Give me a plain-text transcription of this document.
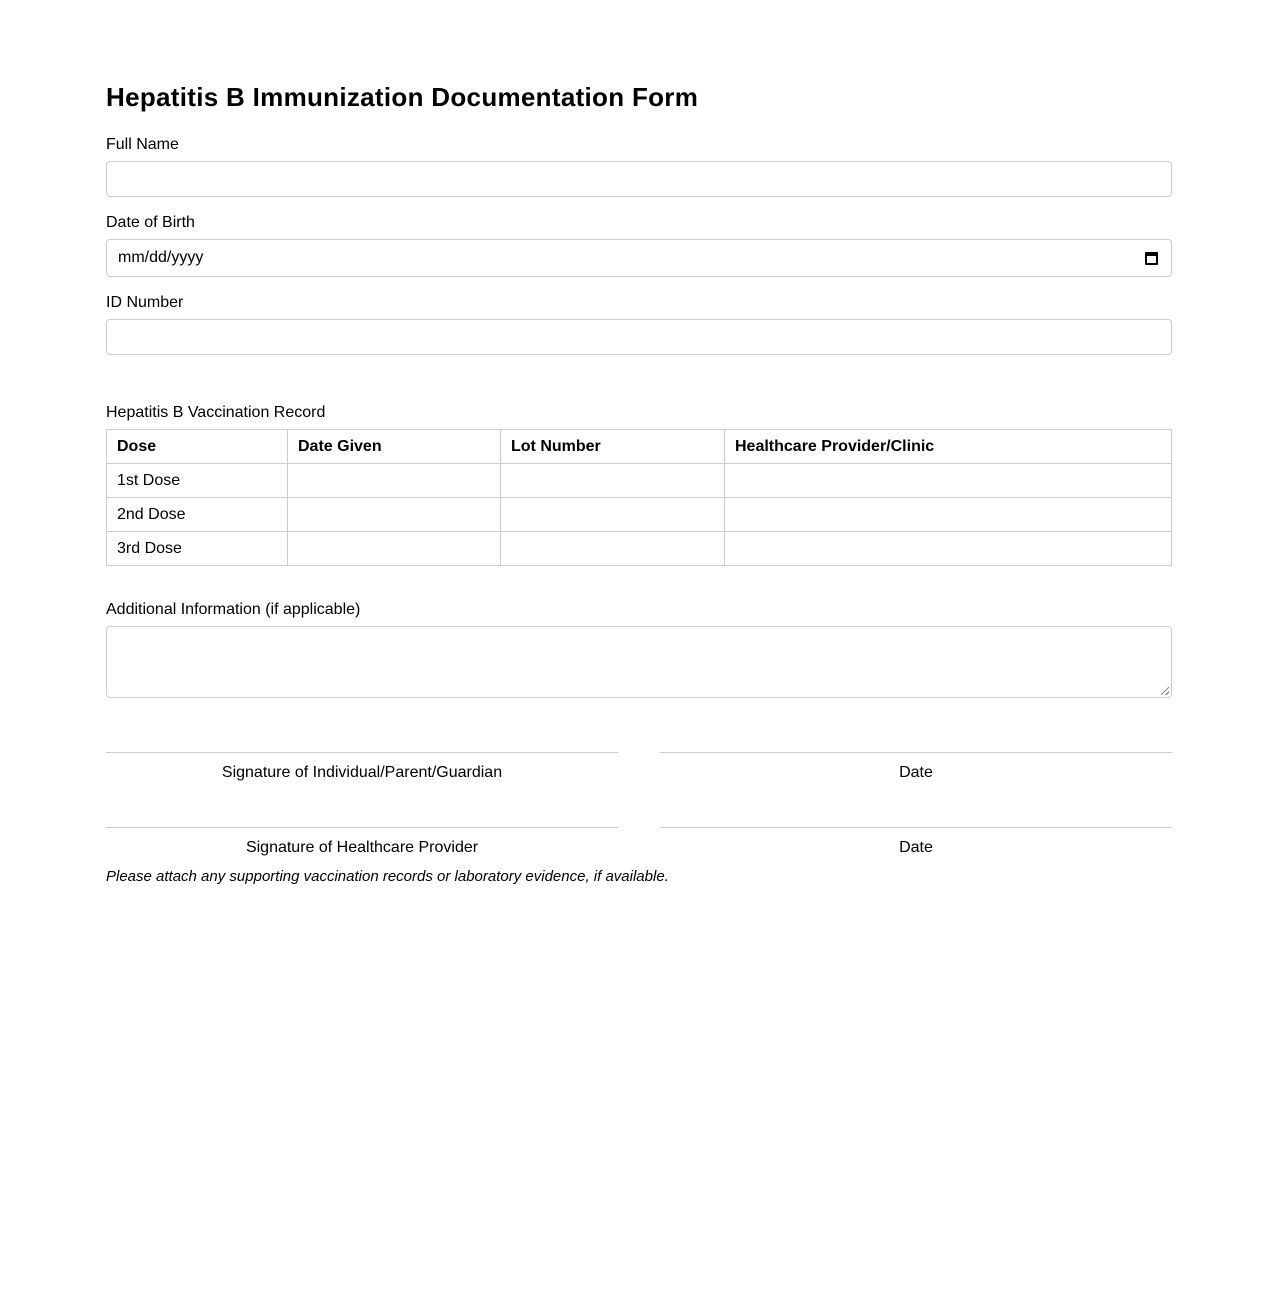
Hepatitis B Immunization Documentation Form
Full Name
Date of Birth
mm/dd/yyyy
ID Number
Hepatitis B Vaccination Record
Dose	Date Given	Lot Number	Healthcare Provider/Clinic
1st Dose			
2nd Dose			
3rd Dose			
Additional Information (if applicable)
Signature of Individual/Parent/Guardian	Date
Signature of Healthcare Provider	Date
Please attach any supporting vaccination records or laboratory evidence, if available.
